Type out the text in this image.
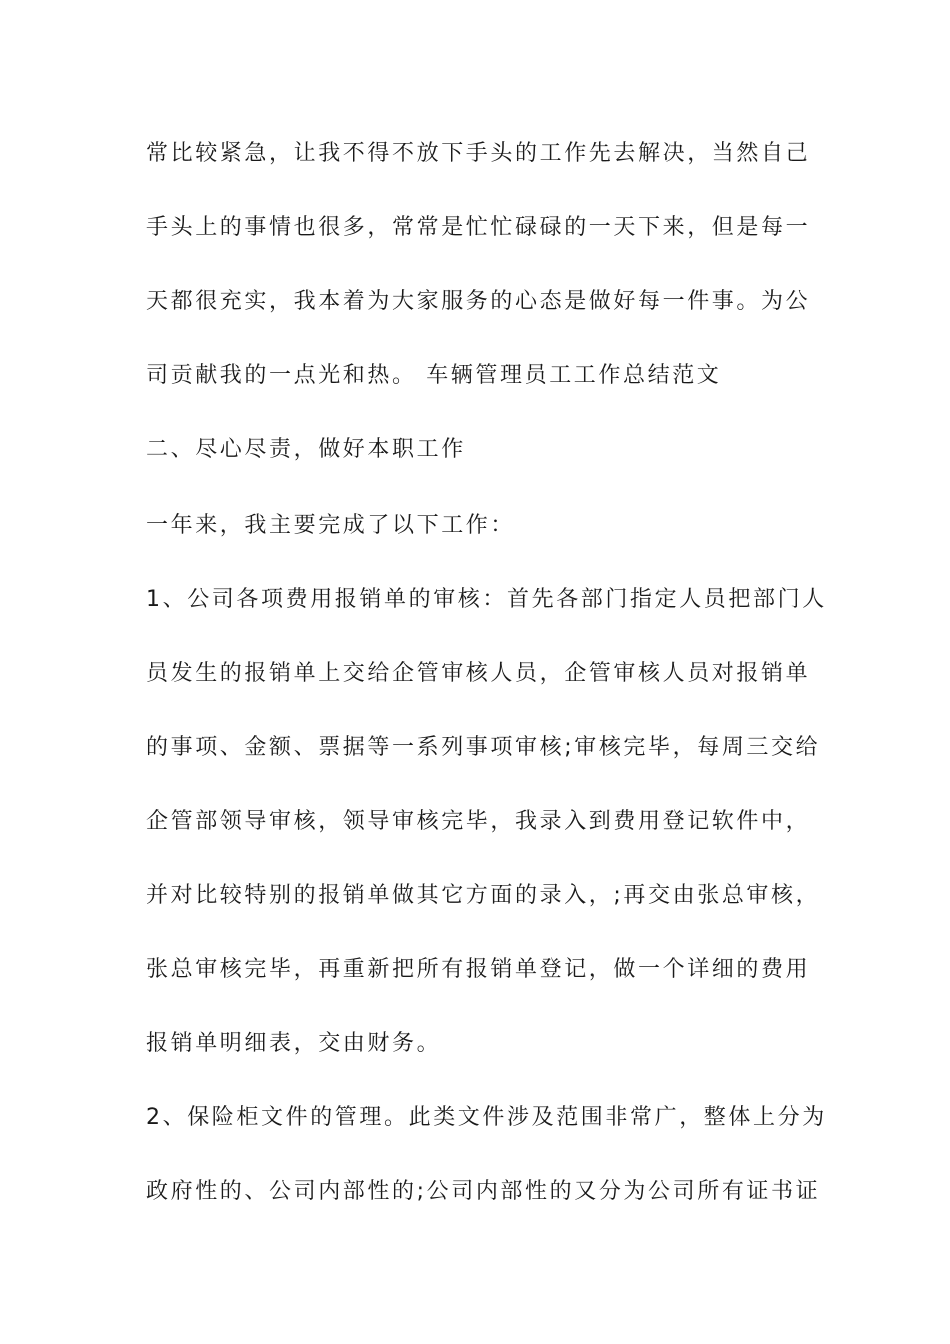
常比较紧急，让我不得不放下手头的工作先去解决，当然自己

手头上的事情也很多，常常是忙忙碌碌的一天下来，但是每一

天都很充实，我本着为大家服务的心态是做好每一件事。为公

司贡献我的一点光和热。 车辆管理员工工作总结范文

二、尽心尽责，做好本职工作

一年来，我主要完成了以下工作：

1、公司各项费用报销单的审核：首先各部门指定人员把部门人

员发生的报销单上交给企管审核人员，企管审核人员对报销单

的事项、金额、票据等一系列事项审核;审核完毕，每周三交给

企管部领导审核，领导审核完毕，我录入到费用登记软件中，

并对比较特别的报销单做其它方面的录入，;再交由张总审核，

张总审核完毕，再重新把所有报销单登记，做一个详细的费用

报销单明细表，交由财务。

2、保险柜文件的管理。此类文件涉及范围非常广，整体上分为

政府性的、公司内部性的;公司内部性的又分为公司所有证书证
